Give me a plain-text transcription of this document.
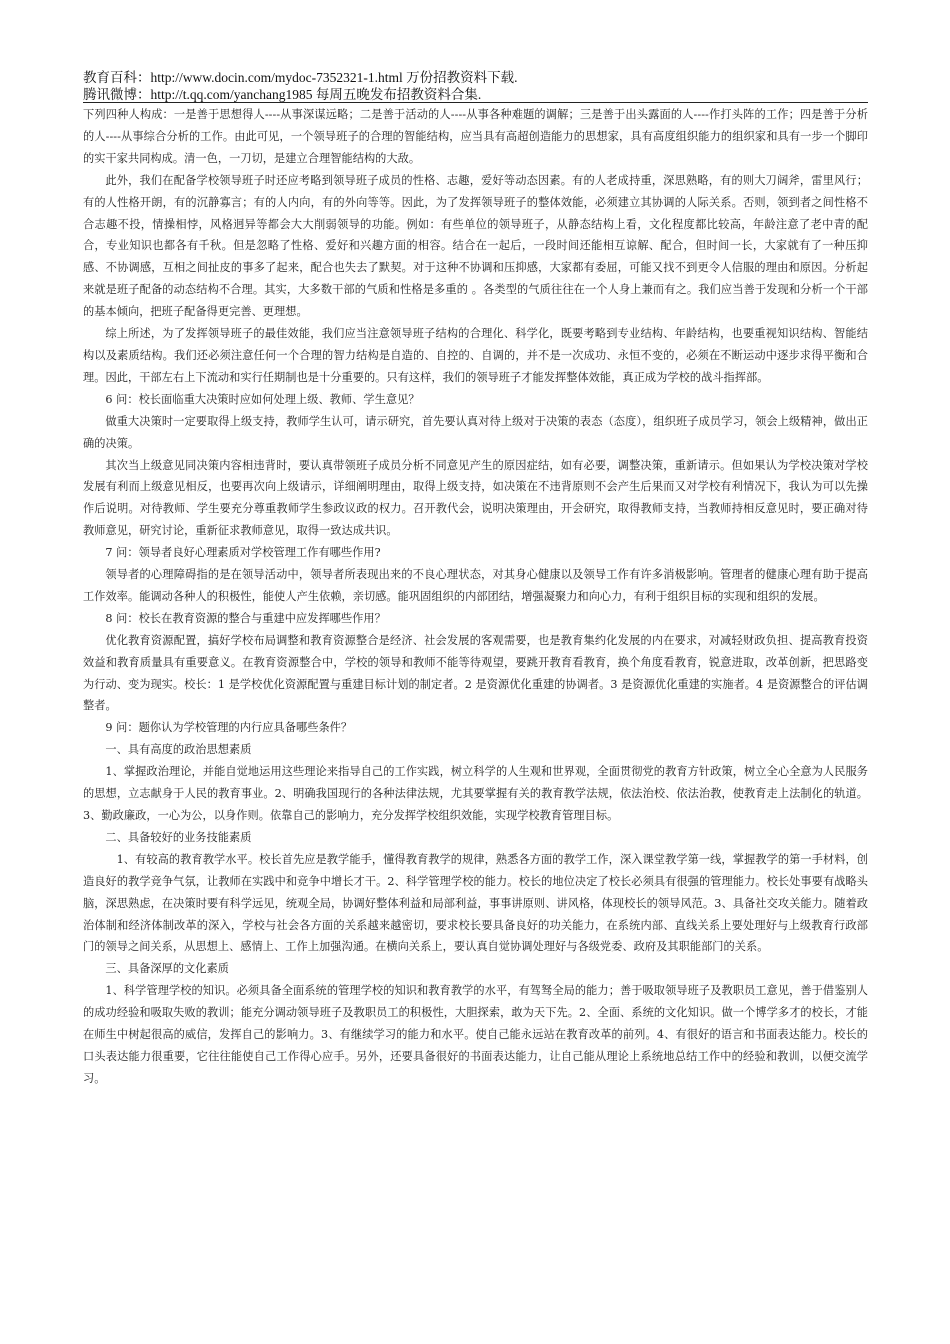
教育百科：http://www.docin.com/mydoc-7352321-1.html 万份招教资料下载.
腾讯微博：http://t.qq.com/yanchang1985 每周五晚发布招教资料合集.

下列四种人构成：一是善于思想得人----从事深谋远略；二是善于活动的人----从事各种难题的调解；三是善于出头露面的人----作打头阵的工作；四是善于分析的人----从事综合分析的工作。由此可见，一个领导班子的合理的智能结构，应当具有高超创造能力的思想家，具有高度组织能力的组织家和具有一步一个脚印的实干家共同构成。清一色，一刀切，是建立合理智能结构的大敌。

此外，我们在配备学校领导班子时还应考略到领导班子成员的性格、志趣，爱好等动态因素。有的人老成持重，深思熟略，有的则大刀阔斧，雷里风行；有的人性格开朗，有的沉静寡言；有的人内向，有的外向等等。因此，为了发挥领导班子的整体效能，必须建立其协调的人际关系。否则，领到者之间性格不合志趣不投，情操相悖，风格迥异等都会大大削弱领导的功能。例如：有些单位的领导班子，从静态结构上看，文化程度都比较高，年龄注意了老中青的配合，专业知识也都各有千秋。但是忽略了性格、爱好和兴趣方面的相容。结合在一起后，一段时间还能相互谅解、配合，但时间一长，大家就有了一种压抑感、不协调感，互相之间扯皮的事多了起来，配合也失去了默契。对于这种不协调和压抑感，大家都有委屈，可能又找不到更令人信服的理由和原因。分析起来就是班子配备的动态结构不合理。其实，大多数干部的气质和性格是多重的 。各类型的气质往往在一个人身上兼而有之。我们应当善于发现和分析一个干部的基本倾向，把班子配备得更完善、更理想。

综上所述，为了发挥领导班子的最佳效能，我们应当注意领导班子结构的合理化、科学化，既要考略到专业结构、年龄结构，也要重视知识结构、智能结构以及素质结构。我们还必须注意任何一个合理的智力结构是自造的、自控的、自调的，并不是一次成功、永恒不变的，必须在不断运动中逐步求得平衡和合理。因此，干部左右上下流动和实行任期制也是十分重要的。只有这样，我们的领导班子才能发挥整体效能，真正成为学校的战斗指挥部。

6 问：校长面临重大决策时应如何处理上级、教师、学生意见？

做重大决策时一定要取得上级支持，教师学生认可，请示研究，首先要认真对待上级对于决策的表态（态度），组织班子成员学习，领会上级精神，做出正确的决策。

其次当上级意见同决策内容相违背时，要认真带领班子成员分析不同意见产生的原因症结，如有必要，调整决策，重新请示。但如果认为学校决策对学校发展有利而上级意见相反，也要再次向上级请示，详细阐明理由，取得上级支持，如决策在不违背原则不会产生后果而又对学校有利情况下，我认为可以先操作后说明。对待教师、学生要充分尊重教师学生参政议政的权力。召开教代会，说明决策理由，开会研究，取得教师支持，当教师持相反意见时，要正确对待教师意见，研究讨论，重新征求教师意见，取得一致达成共识。

7 问：领导者良好心理素质对学校管理工作有哪些作用?

领导者的心理障碍指的是在领导活动中，领导者所表现出来的不良心理状态，对其身心健康以及领导工作有许多消极影响。管理者的健康心理有助于提高工作效率。能调动各种人的积极性，能使人产生依赖，亲切感。能巩固组织的内部团结，增强凝聚力和向心力，有利于组织目标的实现和组织的发展。

8 问：校长在教育资源的整合与重建中应发挥哪些作用？

优化教育资源配置，搞好学校布局调整和教育资源整合是经济、社会发展的客观需要，也是教育集约化发展的内在要求，对减轻财政负担、提高教育投资效益和教育质量具有重要意义。在教育资源整合中，学校的领导和教师不能等待观望，要跳开教育看教育，换个角度看教育，锐意进取，改革创新，把思路变为行动、变为现实。校长：1 是学校优化资源配置与重建目标计划的制定者。2 是资源优化重建的协调者。3 是资源优化重建的实施者。4 是资源整合的评估调整者。

9 问：题你认为学校管理的内行应具备哪些条件？

一、具有高度的政治思想素质

1、掌握政治理论，并能自觉地运用这些理论来指导自己的工作实践，树立科学的人生观和世界观，全面贯彻党的教育方针政策，树立全心全意为人民服务的思想，立志献身于人民的教育事业。2、明确我国现行的各种法律法规，尤其要掌握有关的教育教学法规，依法治校、依法治教，使教育走上法制化的轨道。3、勤政廉政，一心为公，以身作则。依靠自己的影响力，充分发挥学校组织效能，实现学校教育管理目标。

二、具备较好的业务技能素质

1、有较高的教育教学水平。校长首先应是教学能手，懂得教育教学的规律，熟悉各方面的教学工作，深入课堂教学第一线，掌握教学的第一手材料，创造良好的教学竞争气氛，让教师在实践中和竞争中增长才干。2、科学管理学校的能力。校长的地位决定了校长必须具有很强的管理能力。校长处事要有战略头脑，深思熟虑，在决策时要有科学远见，统观全局，协调好整体利益和局部利益，事事讲原则、讲风格，体现校长的领导风范。3、具备社交攻关能力。随着政治体制和经济体制改革的深入，学校与社会各方面的关系越来越密切，要求校长要具备良好的功关能力，在系统内部、直线关系上要处理好与上级教育行政部门的领导之间关系，从思想上、感情上、工作上加强沟通。在横向关系上，要认真自觉协调处理好与各级党委、政府及其职能部门的关系。

三、具备深厚的文化素质

1、科学管理学校的知识。必须具备全面系统的管理学校的知识和教育教学的水平，有驾驽全局的能力；善于吸取领导班子及教职员工意见，善于借鉴别人的成功经验和吸取失败的教训；能充分调动领导班子及教职员工的积极性，大胆探索，敢为天下先。2、全面、系统的文化知识。做一个博学多才的校长，才能在师生中树起很高的威信，发挥自己的影响力。3、有继续学习的能力和水平。使自己能永远站在教育改革的前列。4、有很好的语言和书面表达能力。校长的口头表达能力很重要，它往往能使自己工作得心应手。另外，还要具备很好的书面表达能力，让自己能从理论上系统地总结工作中的经验和教训，以便交流学习。
